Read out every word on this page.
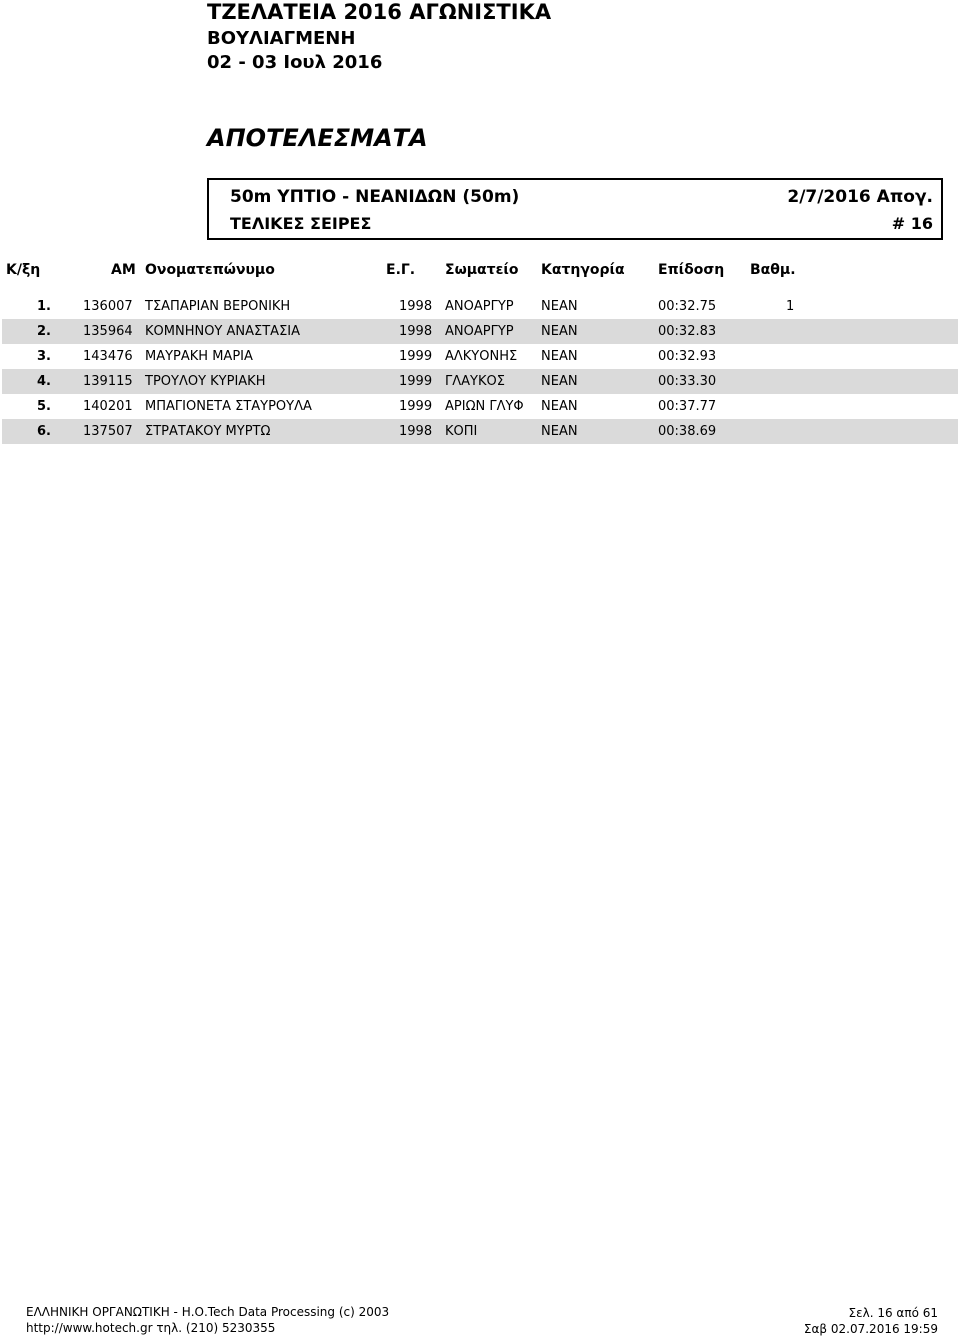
ΤΖΕΛΑΤΕΙΑ 2016 ΑΓΩΝΙΣΤΙΚΑ
ΒΟΥΛΙΑΓΜΕΝΗ
02 - 03 Ιουλ 2016
ΑΠΟΤΕΛΕΣΜΑΤΑ
50m ΥΠΤΙΟ - ΝΕΑΝΙΔΩΝ (50m)	2/7/2016 Απογ.
ΤΕΛΙΚΕΣ ΣΕΙΡΕΣ	# 16
Κ/ξη	ΑΜ Ονοματεπώνυμο	Ε.Γ. Σωματείο Κατηγορία Επίδοση Βαθμ.
1. 136007 ΤΣΑΠΑΡΙΑΝ ΒΕΡΟΝΙΚΗ	1998 ΑΝΟΑΡΓΥΡ ΝΕΑΝ	00:32.75	1
2. 135964 ΚΟΜΝΗΝΟΥ ΑΝΑΣΤΑΣΙΑ	1998 ΑΝΟΑΡΓΥΡ ΝΕΑΝ	00:32.83
3. 143476 ΜΑΥΡΑΚΗ ΜΑΡΙΑ	1999 ΑΛΚΥΟΝΗΣ ΝΕΑΝ	00:32.93
4. 139115 ΤΡΟΥΛΟΥ ΚΥΡΙΑΚΗ	1999 ΓΛΑΥΚΟΣ	ΝΕΑΝ	00:33.30
5. 140201 ΜΠΑΓΙΟΝΕΤΑ ΣΤΑΥΡΟΥΛΑ	1999 ΑΡΙΩΝ ΓΛΥΦ ΝΕΑΝ	00:37.77
6. 137507 ΣΤΡΑΤΑΚΟΥ ΜΥΡΤΩ	1998 ΚΟΠΙ	ΝΕΑΝ	00:38.69
ΕΛΛΗΝΙΚΗ ΟΡΓΑΝΩΤΙΚΗ - Η.Ο.Tech Data Processing (c) 2003
http://www.hotech.gr τηλ. (210) 5230355
Σελ. 16 από 61
Σαβ 02.07.2016 19:59
